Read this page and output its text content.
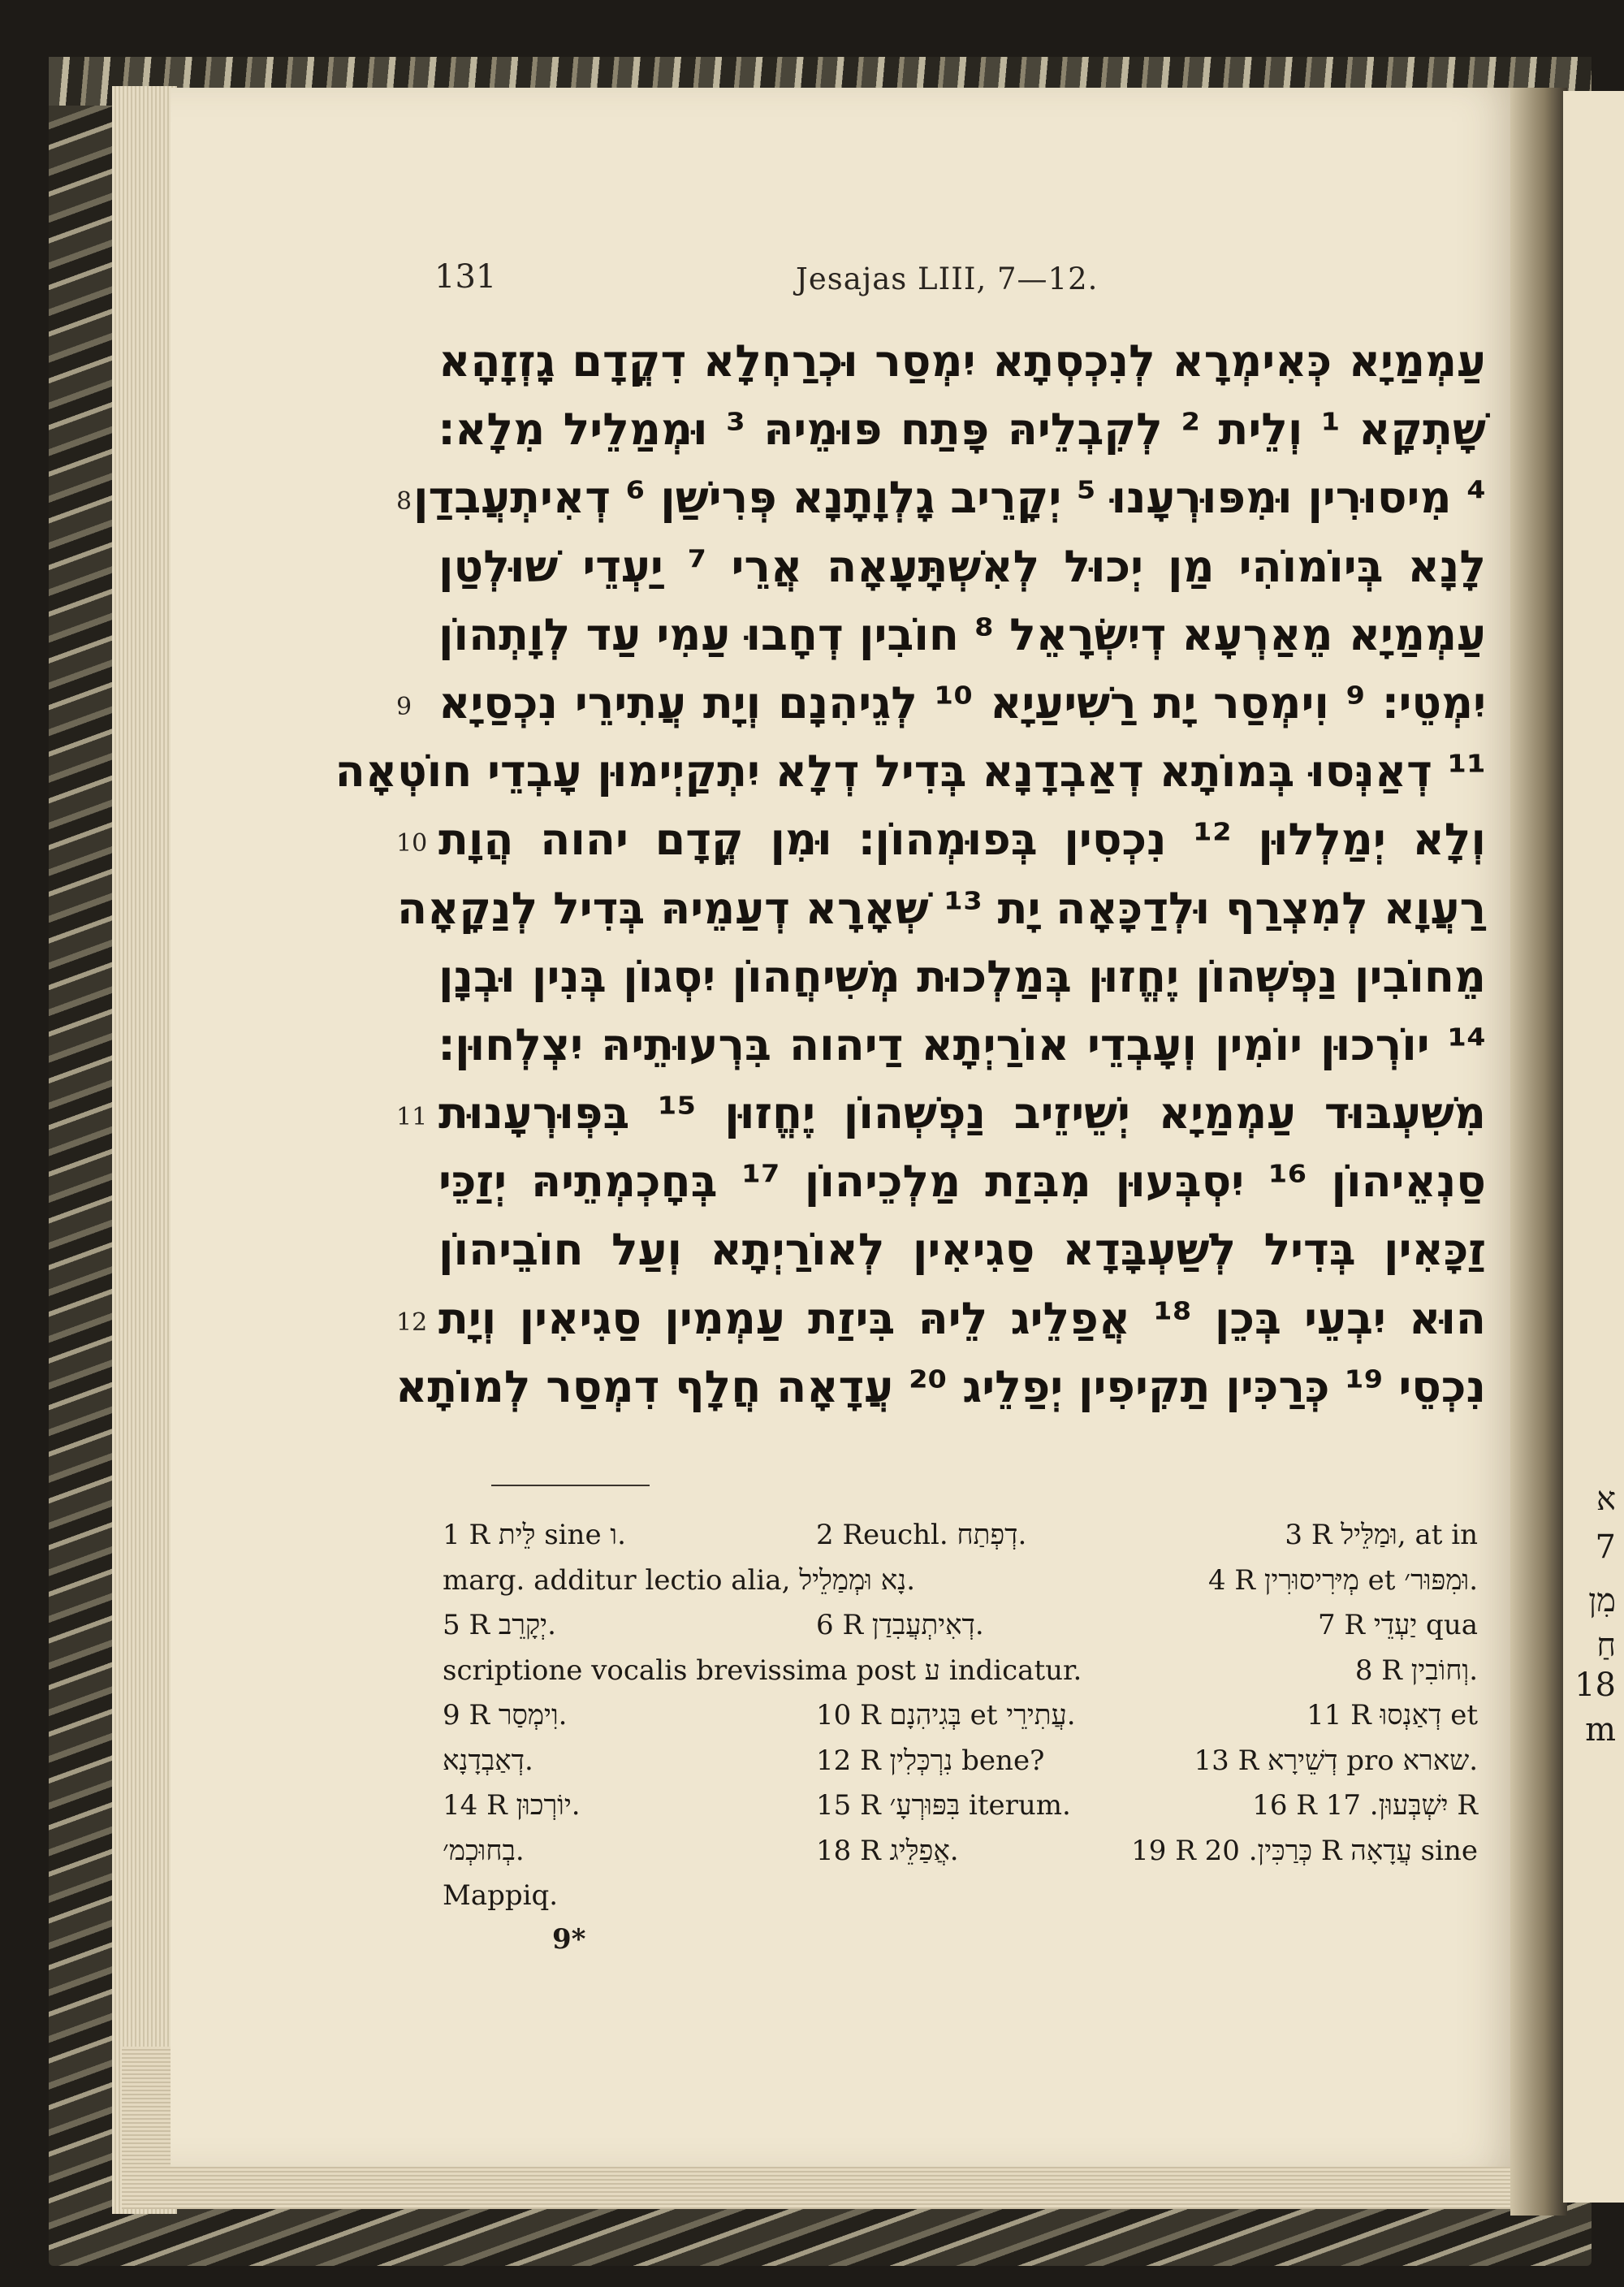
א
7
מִן
חַ
18
m
131	Jesajas LIII, 7—12.
עַמְמַיָא כְּאִימְרָא לְנִכְסְתָא יִמְסַר וּכְרַחְלָא דִקֳדָם גָזְזָהָא
שָׁתְקָא ¹ וְלֵית ² לְקִבְלֵיהּ פָּתַח פּוּמֵיהּ ³ וּמְמַלֵיל מִלָא׃
8 ⁴ מִיסוּרִין וּמִפּוּרְעָנוּ ⁵ יְקָרֵיב גָלְוָתָנָא פְּרִישַׁן ⁶ דְאִיתְעֲבִדַן
לָנָא בְּיוֹמוֹהִי מַן יְכוּל לְאִשְׁתָּעָאָה אֲרֵי ⁷ יַעְדֵי שׁוּלְטַן
עַמְמַיָא מֵאַרְעָא דְיִשְׂרָאֵל ⁸ חוֹבִין דְחָבוּ עַמִי עַד לְוָתְהוֹן
9 יִמְטֵי׃ ⁹ וִימְסַר יָת רַשִׁיעַיָא ¹⁰ לְגֵיהִנָם וְיָת עֲתִירֵי נִכְסַיָא
¹¹ דְאַנְּסוּ בְּמוֹתָא דְאַבְדָנָא בְּדִיל דְלָא יִתְקַיְימוּן עָבְדֵי חוֹטְאָה
10 וְלָא יְמַלְלוּן ¹² נִכְסִין בְּפוּמְהוֹן׃ וּמִן קֳדָם יהוה הֲוָת
רַעֲוָא לְמִצְרַף וּלְדַכָּאָה יָת ¹³ שְׁאָרָא דְעַמֵיהּ בְּדִיל לְנַקָאָה
מֵחוֹבִין נַפְשְׁהוֹן יֶחֱזוּן בְּמַלְכוּת מְשִׁיחֲהוֹן יִסְגוֹן בְּנִין וּבְנָן
¹⁴ יוֹרְכוּן יוֹמִין וְעָבְדֵי אוֹרַיְתָא דַיהוה בִּרְעוּתֵיהּ יִצְלְחוּן׃
11 מִשִׁעְבּוּד עַמְמַיָא יְשֵׁיזֵיב נַפְשְׁהוֹן יֶחֱזוּן ¹⁵ בִּפְּוּרְעָנוּת
סַנְאֵיהוֹן ¹⁶ יִסְבְּעוּן מִבִּזַת מַלְכֵיהוֹן ¹⁷ בְּחָכְמְתֵיהּ יְזַכֵּי
זַכָּאִין בְּדִיל לְשַׁעְבָּדָא סַגִיאִין לְאוֹרַיְתָא וְעַל חוֹבֵיהוֹן
12 הוּא יִבְעֵי בְּכֵן ¹⁸ אֲפַלֵיג לֵיהּ בִּיזַת עַמְמִין סַגִיאִין וְיָת
נִכְסֵי ¹⁹ כְּרַכִּין תַקִיפִין יְפַלֵיג ²⁰ עֲדָאָה חֲלָף דִמְסַר לְמוֹתָא
1 R לֵּית sine ו.	2 Reuchl. דְפְתַח.	3 R וּמַלֵּיל, at in
marg. additur lectio alia, נָא וּמְמַלֵיל.	4 R מְיּרִיסוּרִין et וּמִפּוּר׳.
5 R יְקָרֵב.	6 R דְאִיתְעֲבִדַן.	7 R יַעְדֵי qua
scriptione vocalis brevissima post ע indicatur.	8 R וְחוֹבִין.
9 R וִימְסַר.	10 R בְּגִיהִנָם et עֲתִירֵי.	11 R דְאַנְסוּ et
דְאַבְדָנָא.	12 R נִרְכְּלִין bene?	13 R דְשֵׁירָא pro שארא.
14 R יוֹרְכוּן.	15 R בִּפּוּרְעָ׳ iterum.	16 R יִשְׁבְּעוּן. 17 R
בְחוּכְמ׳.	18 R אֲפַלֵּיג.	19 R כְּרַכִּין. 20 R עֲדָאָה sine
Mappiq.
9*
